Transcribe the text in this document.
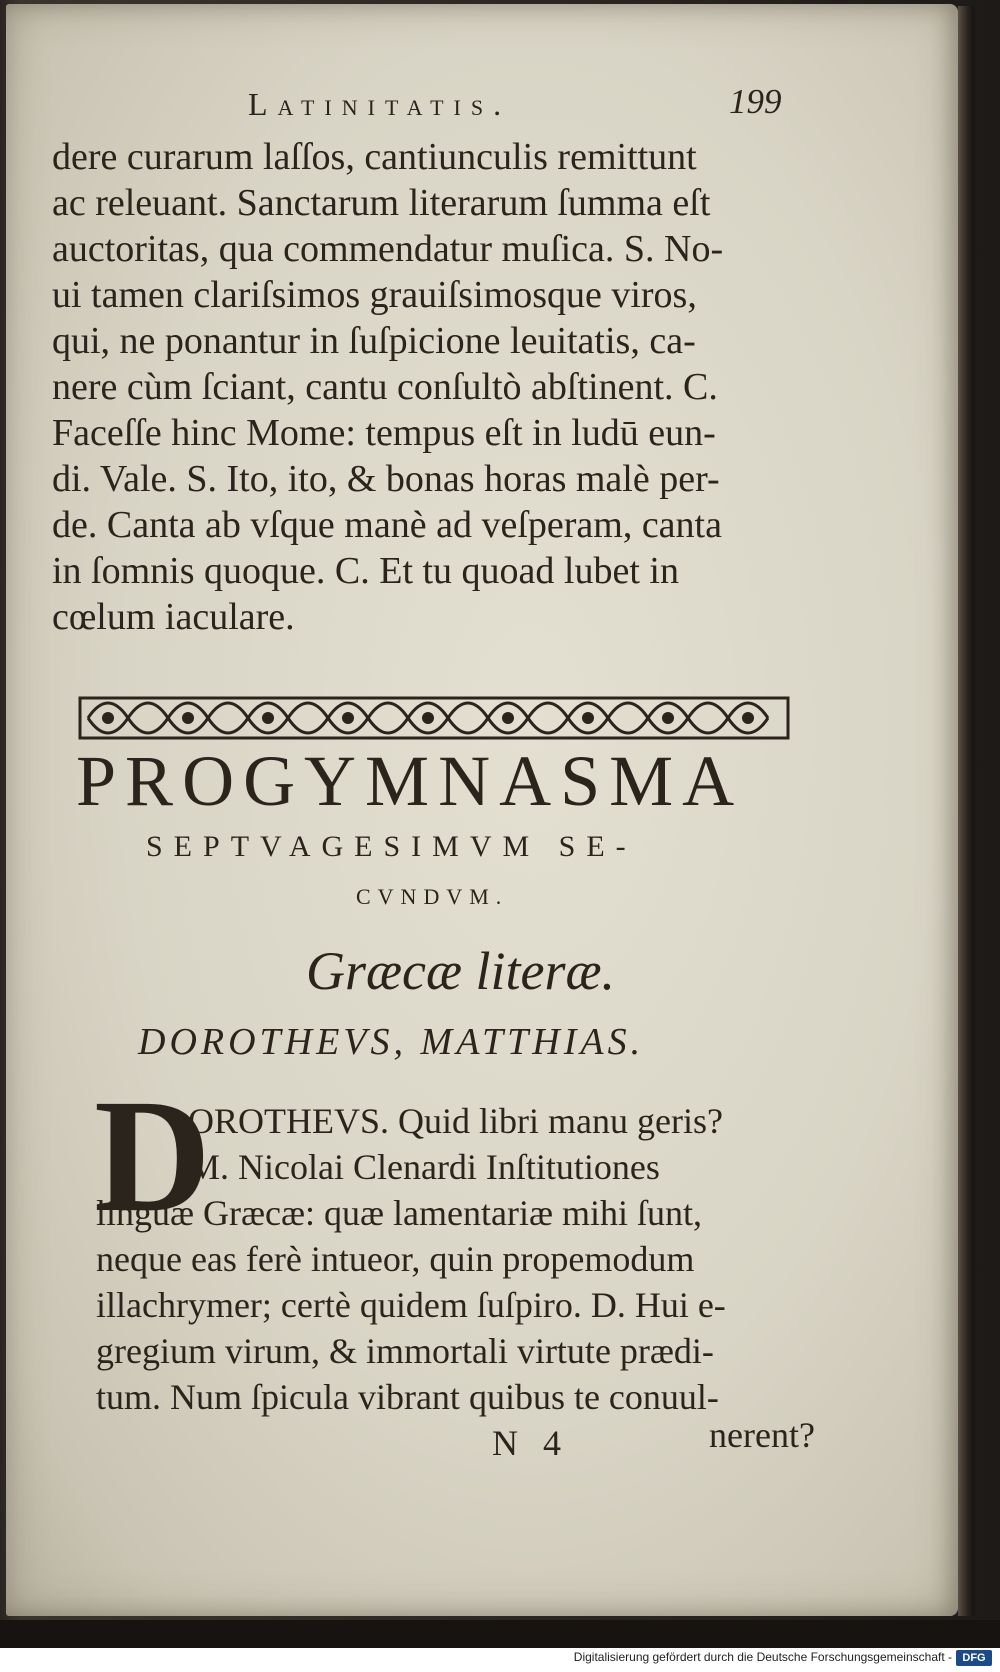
Latinitatis.	199
dere curarum laſſos, cantiunculis remittunt
ac releuant. Sanctarum literarum ſumma eſt
auctoritas, qua commendatur muſica. S. No-
ui tamen clariſsimos grauiſsimosque viros,
qui, ne ponantur in ſuſpicione leuitatis, ca-
nere cùm ſciant, cantu conſultò abſtinent. C.
Faceſſe hinc Mome: tempus eſt in ludū eun-
di. Vale. S. Ito, ito, & bonas horas malè per-
de. Canta ab vſque manè ad veſperam, canta
in ſomnis quoque. C. Et tu quoad lubet in
cœlum iaculare.
PROGYMNASMA
SEPTVAGESIMVM SE-
CVNDVM.
Græcæ literæ.
DOROTHEVS, MATTHIAS.
D
OROTHEVS. Quid libri manu geris?
M. Nicolai Clenardi Inſtitutiones
linguæ Græcæ: quæ lamentariæ mihi ſunt,
neque eas ferè intueor, quin propemodum
illachrymer; certè quidem ſuſpiro. D. Hui e-
gregium virum, & immortali virtute prædi-
tum. Num ſpicula vibrant quibus te conuul-
N 4	nerent?
Digitalisierung gefördert durch die Deutsche Forschungsgemeinschaft - DFG
